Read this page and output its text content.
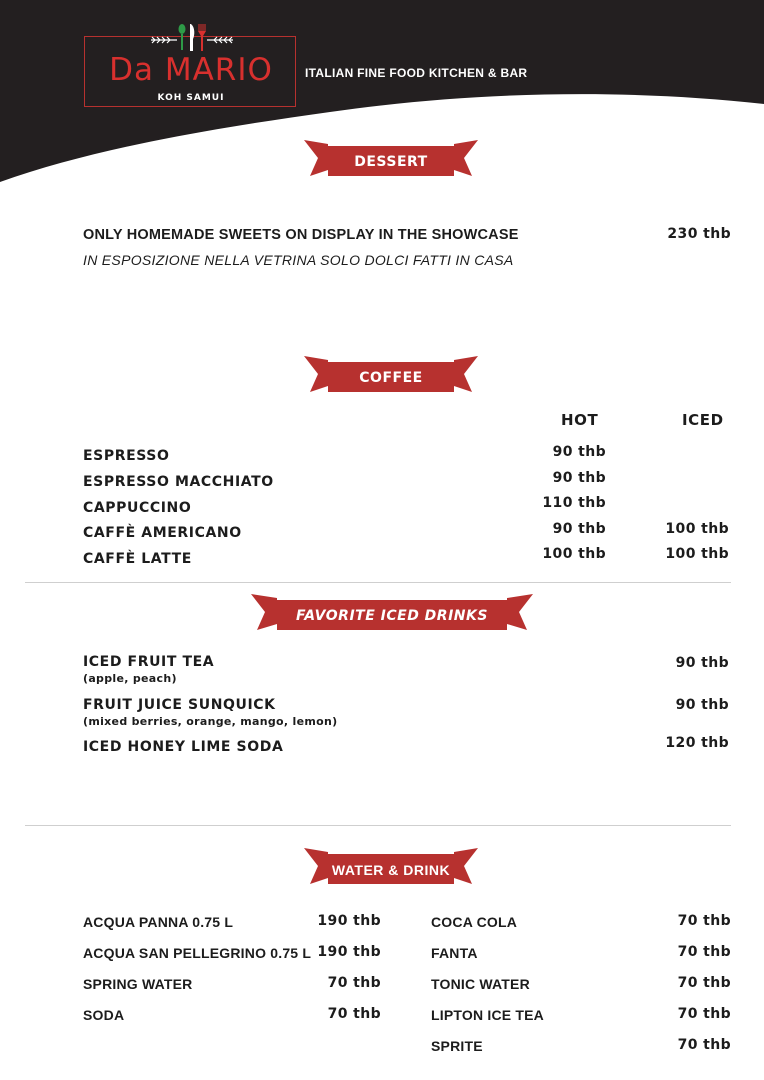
Da MARIO
KOH SAMUI
ITALIAN FINE FOOD KITCHEN & BAR
DESSERT
ONLY HOMEMADE SWEETS ON DISPLAY IN THE SHOWCASE
IN ESPOSIZIONE NELLA VETRINA SOLO DOLCI FATTI IN CASA
230 thb
COFFEE
HOT	ICED
ESPRESSO	90 thb
ESPRESSO MACCHIATO	90 thb
CAPPUCCINO	110 thb
CAFFÈ AMERICANO	90 thb	100 thb
CAFFÈ LATTE	100 thb	100 thb
FAVORITE ICED DRINKS
ICED FRUIT TEA
(apple, peach)
90 thb
FRUIT JUICE SUNQUICK
(mixed berries, orange, mango, lemon)
90 thb
ICED HONEY LIME SODA	120 thb
WATER & DRINK
ACQUA PANNA 0.75 L	190 thb
ACQUA SAN PELLEGRINO 0.75 L 190 thb
SPRING WATER	70 thb
SODA	70 thb
COCA COLA	70 thb
FANTA	70 thb
TONIC WATER	70 thb
LIPTON ICE TEA	70 thb
SPRITE	70 thb
